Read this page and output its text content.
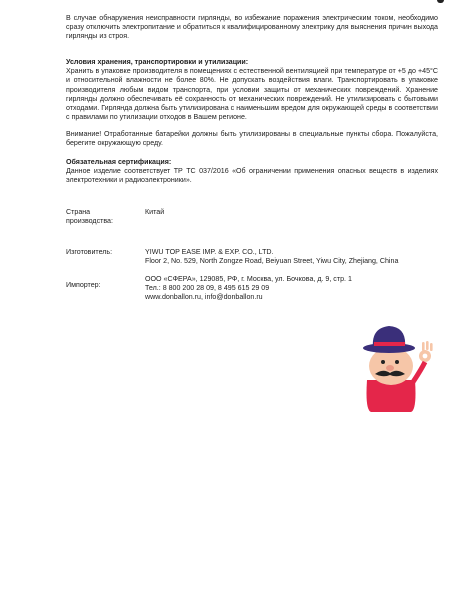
В случае обнаружения неисправности гирлянды, во избежание поражения электрическим током, необходимо сразу отключить электропитание и обратиться к квалифицированному электрику для выяснения причин выхода гирлянды из строя.
Условия хранения, транспортировки и утилизации:
Хранить в упаковке производителя в помещениях с естественной вентиляцией при температуре от +5 до +45°С и относительной влажности не более 80%. Не допускать воздействия влаги. Транспортировать в упаковке производителя любым видом транспорта, при условии защиты от механических повреждений. Хранение гирлянды должно обеспечивать её сохранность от механических повреждений. Не утилизировать с бытовыми отходами. Гирлянда должна быть утилизирована с наименьшим вредом для окружающей среды в соответствии с правилами по утилизации отходов в Вашем регионе.
Внимание! Отработанные батарейки должны быть утилизированы в специальные пункты сбора. Пожалуйста, берегите окружающую среду.
Обязательная сертификация:
Данное изделие соответствует ТР ТС 037/2016 «Об ограничении применения опасных веществ в изделиях электротехники и радиоэлектроники».
Страна
производства:
Китай
Изготовитель:	YIWU TOP EASE IMP. & EXP. CO., LTD.
Floor 2, No. 529, North Zongze Road, Beiyuan Street, Yiwu City, Zhejiang, China
Импортер:
ООО «СФЕРА», 129085, РФ, г. Москва, ул. Бочкова, д. 9, стр. 1
Тел.: 8 800 200 28 09, 8 495 615 29 09
www.donballon.ru, info@donballon.ru
